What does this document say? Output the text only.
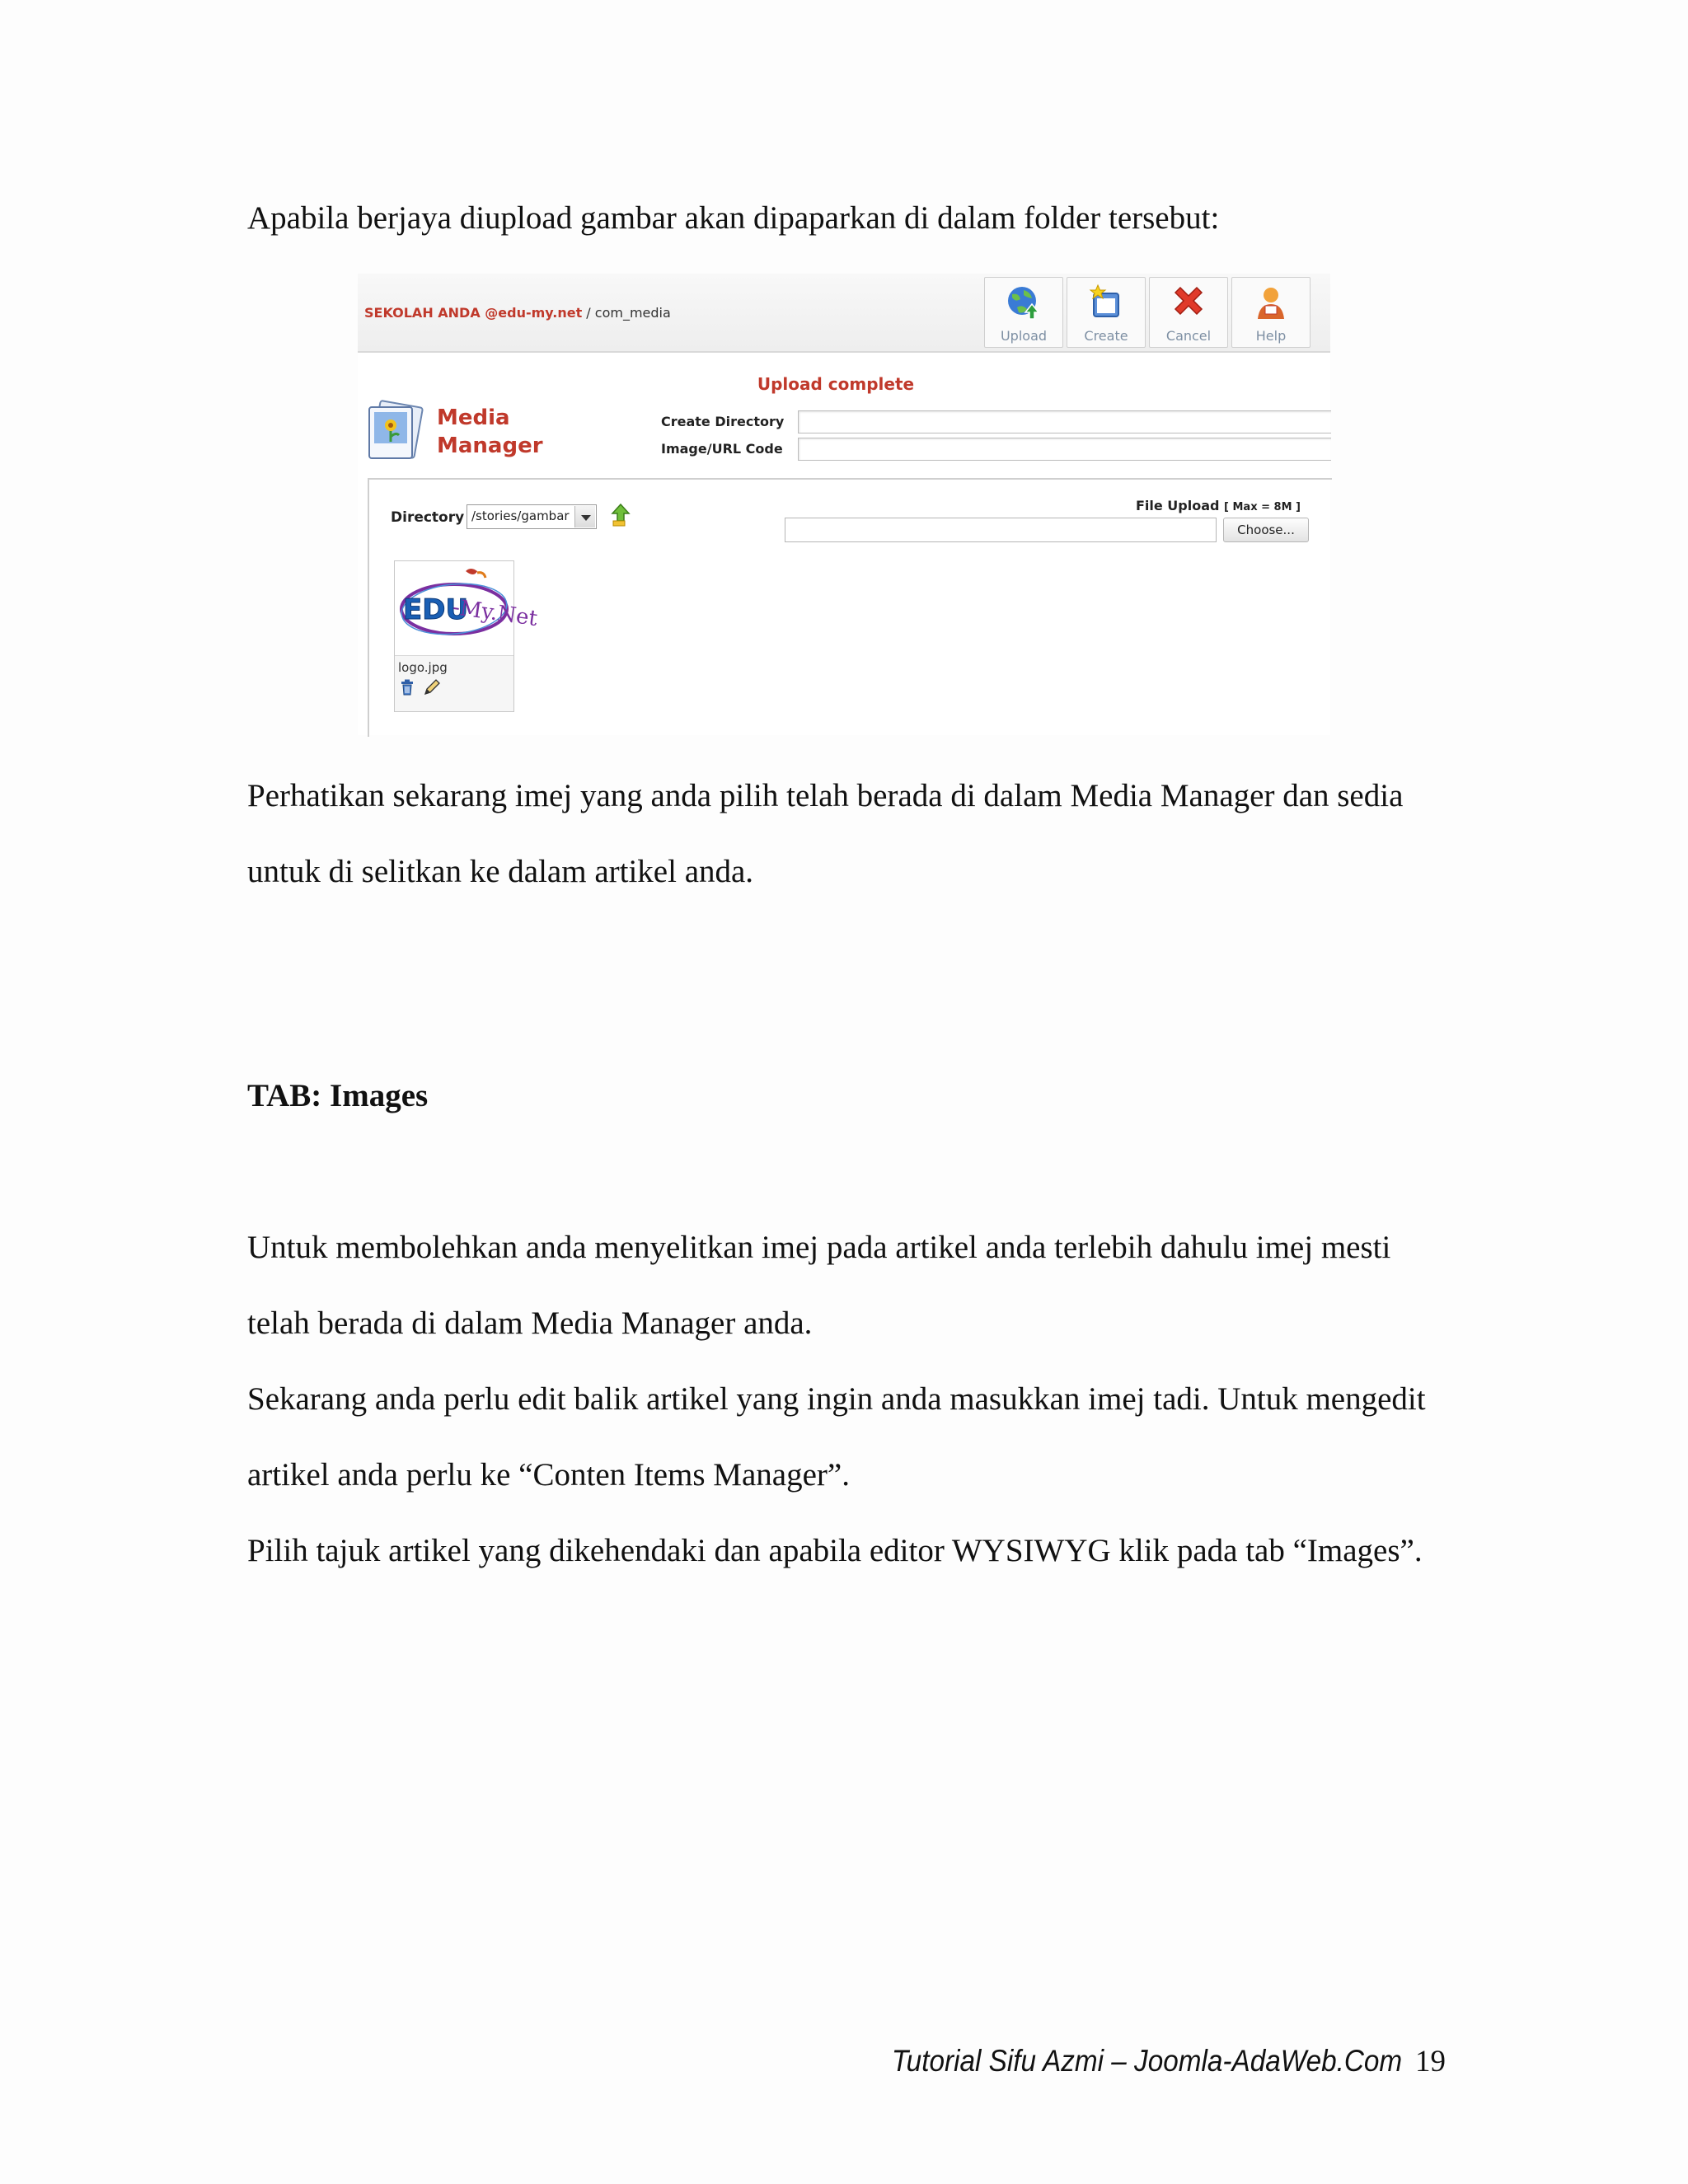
Apabila berjaya diupload gambar akan dipaparkan di dalam folder tersebut:

SEKOLAH ANDA @edu-my.net / com_media
Upload	Create	Cancel	Help
Upload complete
Media
Manager
Create Directory
Image/URL Code
Directory /stories/gambar
File Upload [ Max = 8M ]
Choose...
EDU
-My.Net
logo.jpg

Perhatikan sekarang imej yang anda pilih telah berada di dalam Media Manager dan sedia untuk di selitkan ke dalam artikel anda.

TAB: Images
Untuk membolehkan anda menyelitkan imej pada artikel anda terlebih dahulu imej mesti telah berada di dalam Media Manager anda.
Sekarang anda perlu edit balik artikel yang ingin anda masukkan imej tadi. Untuk mengedit artikel anda perlu ke “Conten Items Manager”.
Pilih tajuk artikel yang dikehendaki dan apabila editor WYSIWYG klik pada tab “Images”.
Tutorial Sifu Azmi – Joomla-AdaWeb.Com 19
